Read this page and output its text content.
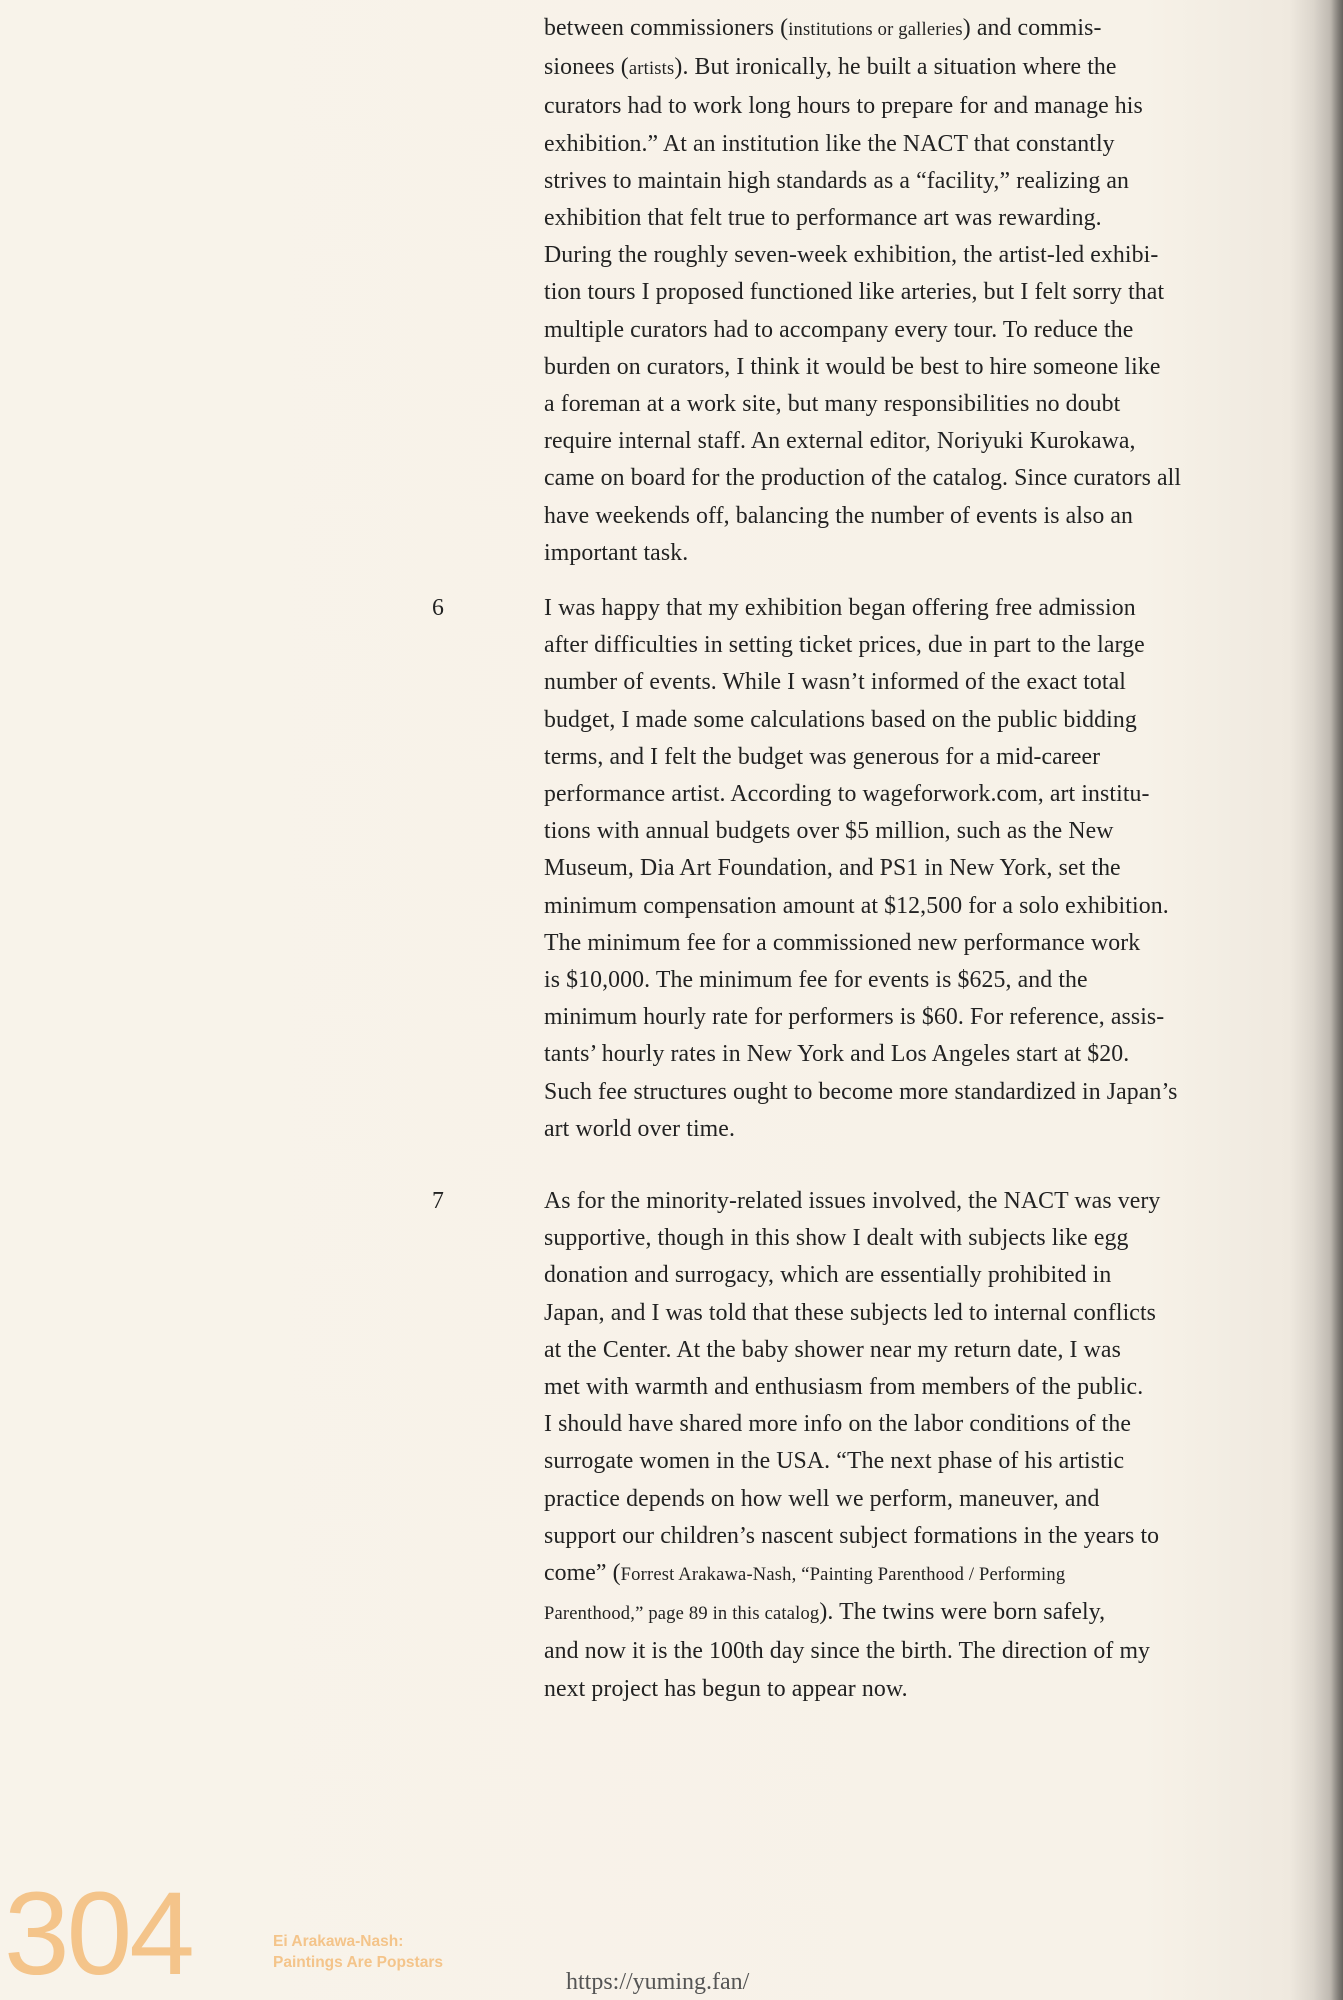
between commissioners (institutions or galleries) and commis-
sionees (artists). But ironically, he built a situation where the
curators had to work long hours to prepare for and manage his
exhibition.” At an institution like the NACT that constantly
strives to maintain high standards as a “facility,” realizing an
exhibition that felt true to performance art was rewarding.
During the roughly seven-week exhibition, the artist-led exhibi-
tion tours I proposed functioned like arteries, but I felt sorry that
multiple curators had to accompany every tour. To reduce the
burden on curators, I think it would be best to hire someone like
a foreman at a work site, but many responsibilities no doubt
require internal staff. An external editor, Noriyuki Kurokawa,
came on board for the production of the catalog. Since curators all
have weekends off, balancing the number of events is also an
important task.
6	I was happy that my exhibition began offering free admission
after difficulties in setting ticket prices, due in part to the large
number of events. While I wasn’t informed of the exact total
budget, I made some calculations based on the public bidding
terms, and I felt the budget was generous for a mid-career
performance artist. According to wageforwork.com, art institu-
tions with annual budgets over $5 million, such as the New
Museum, Dia Art Foundation, and PS1 in New York, set the
minimum compensation amount at $12,500 for a solo exhibition.
The minimum fee for a commissioned new performance work
is $10,000. The minimum fee for events is $625, and the
minimum hourly rate for performers is $60. For reference, assis-
tants’ hourly rates in New York and Los Angeles start at $20.
Such fee structures ought to become more standardized in Japan’s
art world over time.
7	As for the minority-related issues involved, the NACT was very
supportive, though in this show I dealt with subjects like egg
donation and surrogacy, which are essentially prohibited in
Japan, and I was told that these subjects led to internal conflicts
at the Center. At the baby shower near my return date, I was
met with warmth and enthusiasm from members of the public.
I should have shared more info on the labor conditions of the
surrogate women in the USA. “The next phase of his artistic
practice depends on how well we perform, maneuver, and
support our children’s nascent subject formations in the years to
come” (Forrest Arakawa-Nash, “Painting Parenthood / Performing
Parenthood,” page 89 in this catalog). The twins were born safely,
and now it is the 100th day since the birth. The direction of my
next project has begun to appear now.
304	Ei Arakawa-Nash:
Paintings Are Popstars
https://yuming.fan/
